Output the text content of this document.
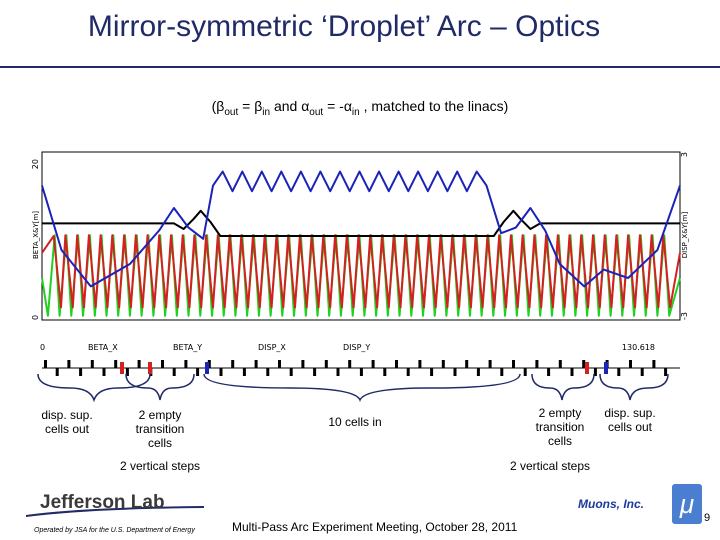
Mirror-symmetric ‘Droplet’ Arc – Optics
($\beta_{out} = \beta_{in}$ and $\alpha_{out} = -\alpha_{in}$ , matched to the linacs)
20
0
BETA_X&Y[m]
3
-3
DISP_X&Y[m]
0	130.618
BETA_X	BETA_Y	DISP_X	DISP_Y
disp. sup.
cells out
2 empty
transition
cells
2 vertical steps
10 cells in
2 empty
transition
cells
disp. sup.
cells out
2 vertical steps
Jefferson Lab
Operated by JSA for the U.S. Department of Energy	Multi-Pass Arc Experiment Meeting, October 28, 2011
Muons, Inc.	μ 9
